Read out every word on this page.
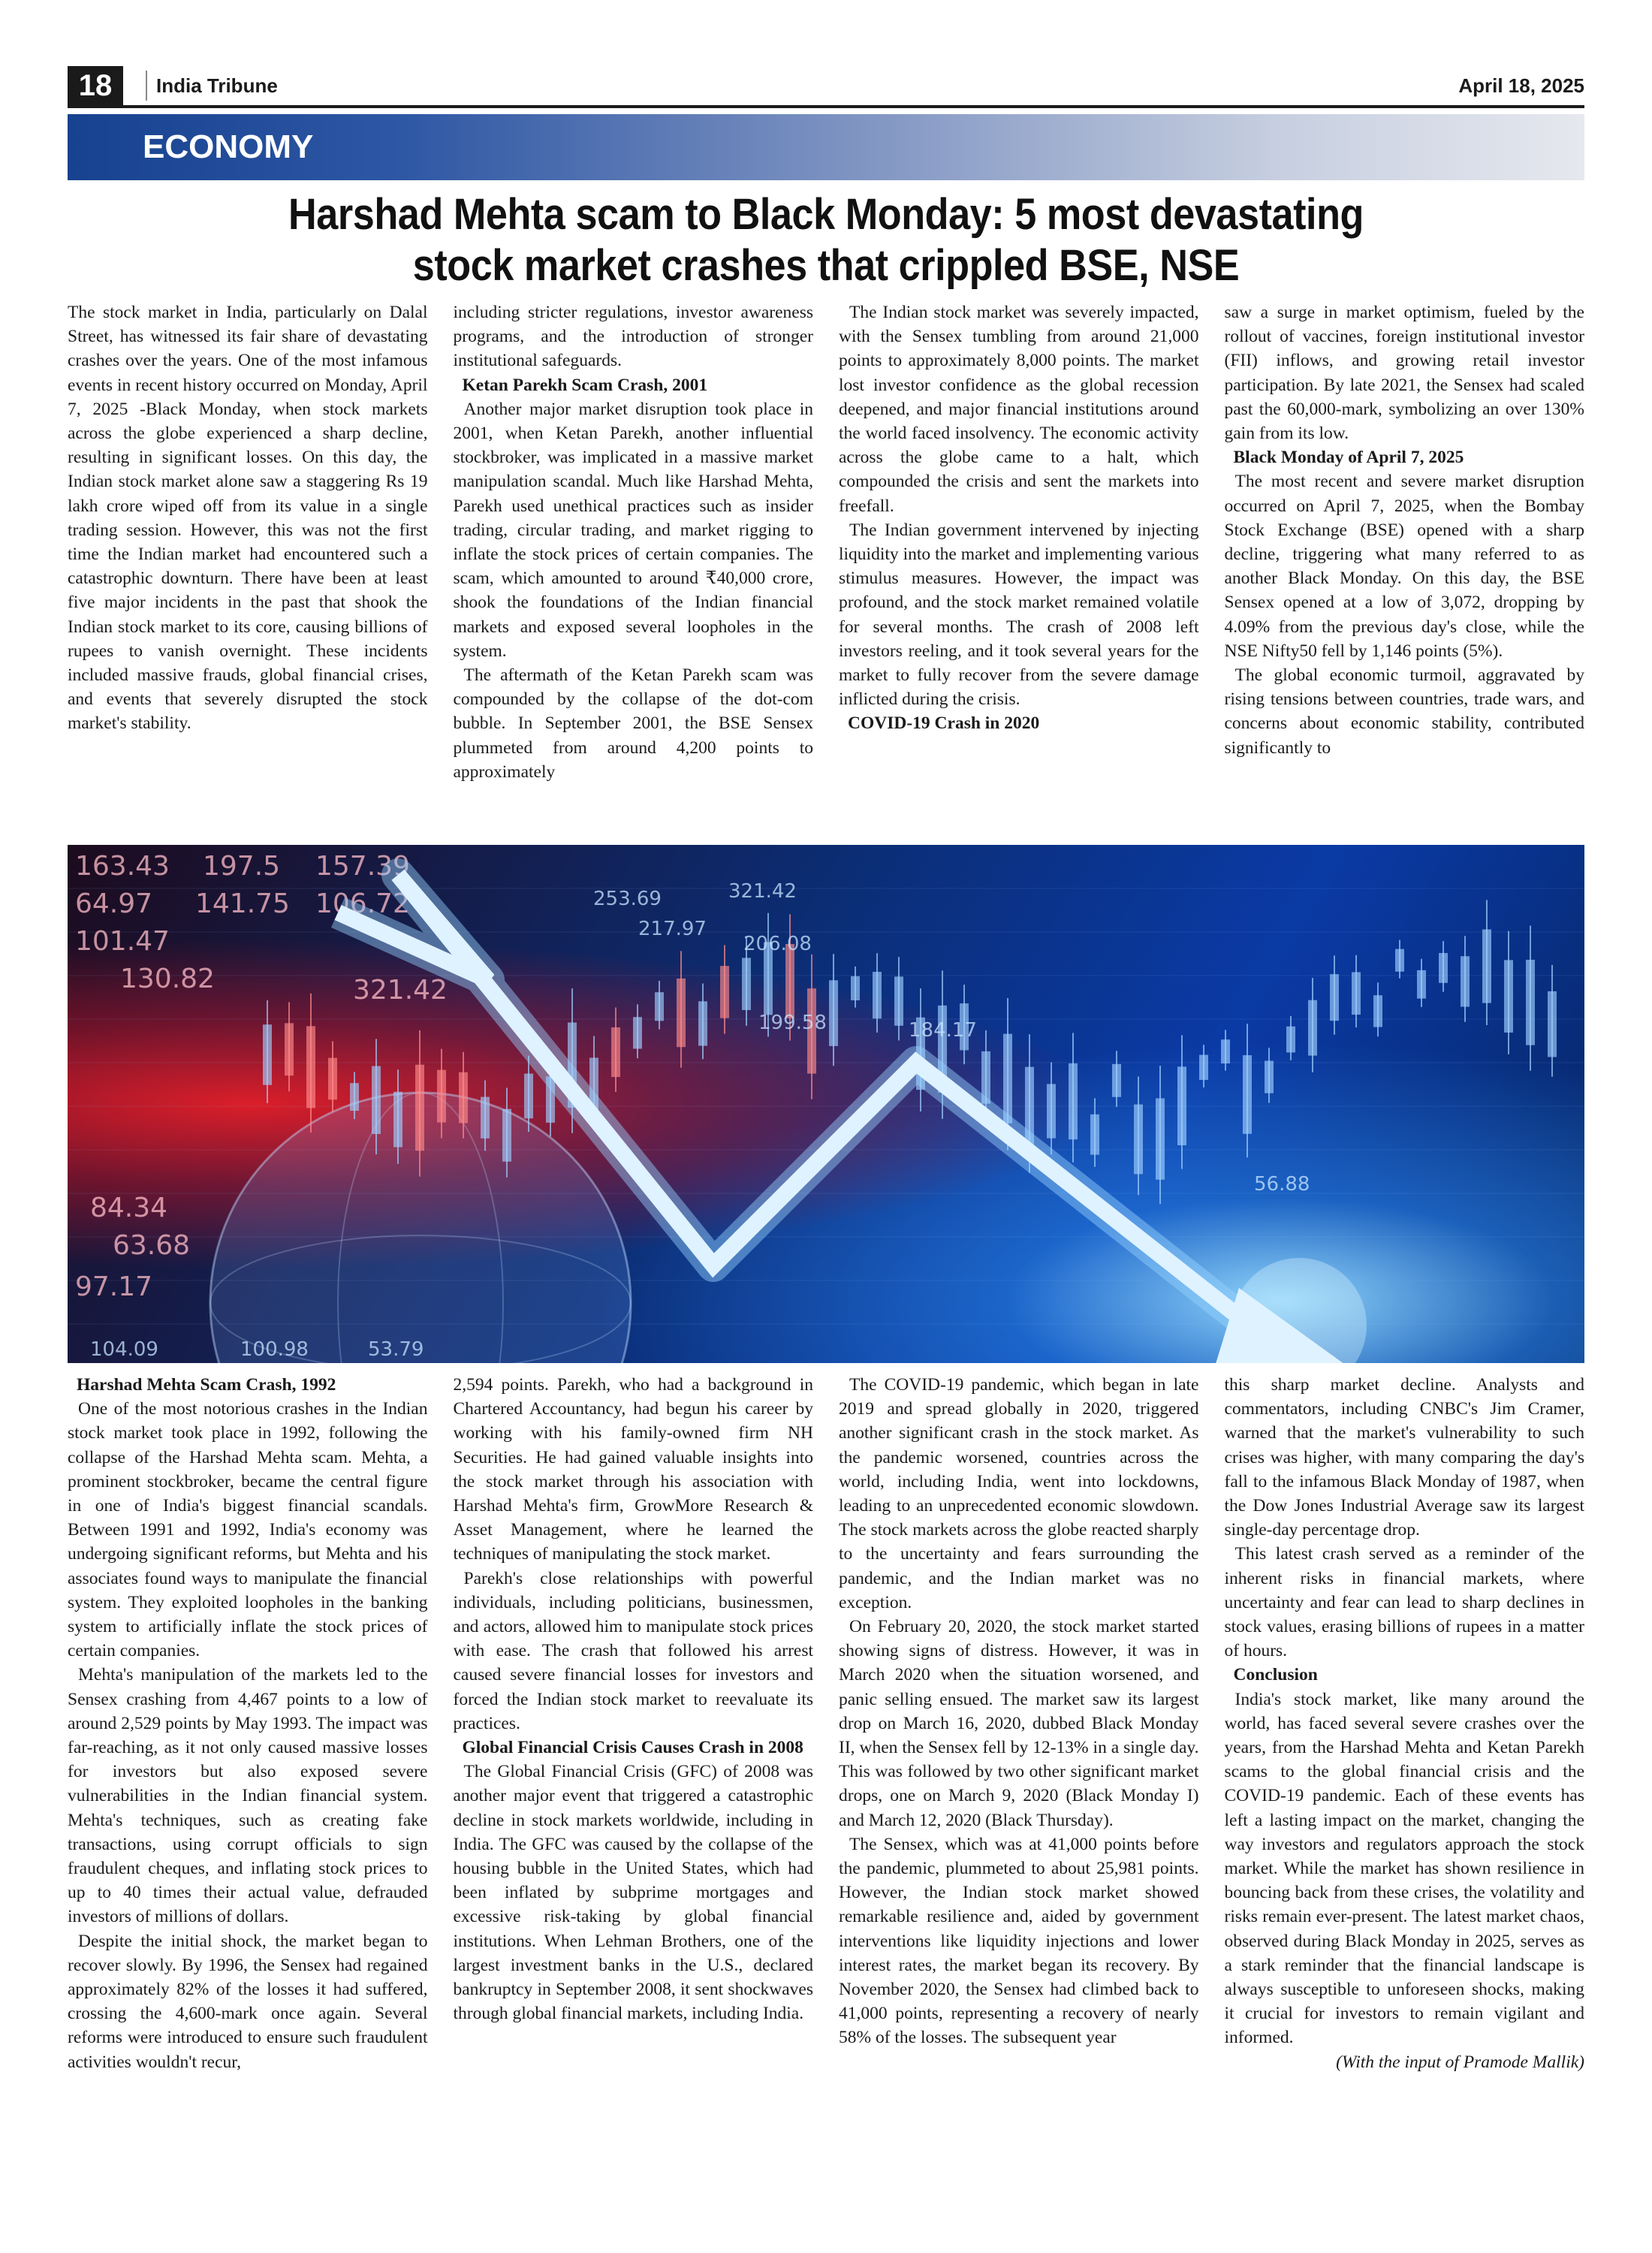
18	India Tribune	April 18, 2025
ECONOMY
Harshad Mehta scam to Black Monday: 5 most devastating
stock market crashes that crippled BSE, NSE

The stock market in India, particularly on Dalal Street, has witnessed its fair share of devastating crashes over the years. One of the most infamous events in recent history occurred on Monday, April 7, 2025 -Black Monday, when stock markets across the globe experienced a sharp decline, resulting in significant losses. On this day, the Indian stock market alone saw a staggering Rs 19 lakh crore wiped off from its value in a single trading session. However, this was not the first time the Indian market had encountered such a catastrophic downturn. There have been at least five major incidents in the past that shook the Indian stock market to its core, causing billions of rupees to vanish overnight. These incidents included massive frauds, global financial crises, and events that severely disrupted the stock market's stability.

including stricter regulations, investor awareness programs, and the introduction of stronger institutional safeguards.

Ketan Parekh Scam Crash, 2001

Another major market disruption took place in 2001, when Ketan Parekh, another influential stockbroker, was implicated in a massive market manipulation scandal. Much like Harshad Mehta, Parekh used unethical practices such as insider trading, circular trading, and market rigging to inflate the stock prices of certain companies. The scam, which amounted to around ₹40,000 crore, shook the foundations of the Indian financial markets and exposed several loopholes in the system.

The aftermath of the Ketan Parekh scam was compounded by the collapse of the dot-com bubble. In September 2001, the BSE Sensex plummeted from around 4,200 points to approximately

The Indian stock market was severely impacted, with the Sensex tumbling from around 21,000 points to approximately 8,000 points. The market lost investor confidence as the global recession deepened, and major financial institutions around the world faced insolvency. The economic activity across the globe came to a halt, which compounded the crisis and sent the markets into freefall.

The Indian government intervened by injecting liquidity into the market and implementing various stimulus measures. However, the impact was profound, and the stock market remained volatile for several months. The crash of 2008 left investors reeling, and it took several years for the market to fully recover from the severe damage inflicted during the crisis.

COVID-19 Crash in 2020

saw a surge in market optimism, fueled by the rollout of vaccines, foreign institutional investor (FII) inflows, and growing retail investor participation. By late 2021, the Sensex had scaled past the 60,000-mark, symbolizing an over 130% gain from its low.

Black Monday of April 7, 2025

The most recent and severe market disruption occurred on April 7, 2025, when the Bombay Stock Exchange (BSE) opened with a sharp decline, triggering what many referred to as another Black Monday. On this day, the BSE Sensex opened at a low of 3,072, dropping by 4.09% from the previous day's close, while the NSE Nifty50 fell by 1,146 points (5%).

The global economic turmoil, aggravated by rising tensions between countries, trade wars, and concerns about economic stability, contributed significantly to

163.43 197.5 157.39
64.97 141.75 106.72
101.47
130.82	321.42
84.34
63.68
97.17
253.69	321.42
217.97
206.08
199.58	184.17
56.88
104.09	100.98	53.79
Harshad Mehta Scam Crash, 1992

One of the most notorious crashes in the Indian stock market took place in 1992, following the collapse of the Harshad Mehta scam. Mehta, a prominent stockbroker, became the central figure in one of India's biggest financial scandals. Between 1991 and 1992, India's economy was undergoing significant reforms, but Mehta and his associates found ways to manipulate the financial system. They exploited loopholes in the banking system to artificially inflate the stock prices of certain companies.

Mehta's manipulation of the markets led to the Sensex crashing from 4,467 points to a low of around 2,529 points by May 1993. The impact was far-reaching, as it not only caused massive losses for investors but also exposed severe vulnerabilities in the Indian financial system. Mehta's techniques, such as creating fake transactions, using corrupt officials to sign fraudulent cheques, and inflating stock prices to up to 40 times their actual value, defrauded investors of millions of dollars.

Despite the initial shock, the market began to recover slowly. By 1996, the Sensex had regained approximately 82% of the losses it had suffered, crossing the 4,600-mark once again. Several reforms were introduced to ensure such fraudulent activities wouldn't recur,

2,594 points. Parekh, who had a background in Chartered Accountancy, had begun his career by working with his family-owned firm NH Securities. He had gained valuable insights into the stock market through his association with Harshad Mehta's firm, GrowMore Research & Asset Management, where he learned the techniques of manipulating the stock market.

Parekh's close relationships with powerful individuals, including politicians, businessmen, and actors, allowed him to manipulate stock prices with ease. The crash that followed his arrest caused severe financial losses for investors and forced the Indian stock market to reevaluate its practices.

Global Financial Crisis Causes Crash in 2008

The Global Financial Crisis (GFC) of 2008 was another major event that triggered a catastrophic decline in stock markets worldwide, including in India. The GFC was caused by the collapse of the housing bubble in the United States, which had been inflated by subprime mortgages and excessive risk-taking by global financial institutions. When Lehman Brothers, one of the largest investment banks in the U.S., declared bankruptcy in September 2008, it sent shockwaves through global financial markets, including India.

The COVID-19 pandemic, which began in late 2019 and spread globally in 2020, triggered another significant crash in the stock market. As the pandemic worsened, countries across the world, including India, went into lockdowns, leading to an unprecedented economic slowdown. The stock markets across the globe reacted sharply to the uncertainty and fears surrounding the pandemic, and the Indian market was no exception.

On February 20, 2020, the stock market started showing signs of distress. However, it was in March 2020 when the situation worsened, and panic selling ensued. The market saw its largest drop on March 16, 2020, dubbed Black Monday II, when the Sensex fell by 12-13% in a single day. This was followed by two other significant market drops, one on March 9, 2020 (Black Monday I) and March 12, 2020 (Black Thursday).

The Sensex, which was at 41,000 points before the pandemic, plummeted to about 25,981 points. However, the Indian stock market showed remarkable resilience and, aided by government interventions like liquidity injections and lower interest rates, the market began its recovery. By November 2020, the Sensex had climbed back to 41,000 points, representing a recovery of nearly 58% of the losses. The subsequent year

this sharp market decline. Analysts and commentators, including CNBC's Jim Cramer, warned that the market's vulnerability to such crises was higher, with many comparing the day's fall to the infamous Black Monday of 1987, when the Dow Jones Industrial Average saw its largest single-day percentage drop.

This latest crash served as a reminder of the inherent risks in financial markets, where uncertainty and fear can lead to sharp declines in stock values, erasing billions of rupees in a matter of hours.

Conclusion

India's stock market, like many around the world, has faced several severe crashes over the years, from the Harshad Mehta and Ketan Parekh scams to the global financial crisis and the COVID-19 pandemic. Each of these events has left a lasting impact on the market, changing the way investors and regulators approach the stock market. While the market has shown resilience in bouncing back from these crises, the volatility and risks remain ever-present. The latest market chaos, observed during Black Monday in 2025, serves as a stark reminder that the financial landscape is always susceptible to unforeseen shocks, making it crucial for investors to remain vigilant and informed.

(With the input of Pramode Mallik)
